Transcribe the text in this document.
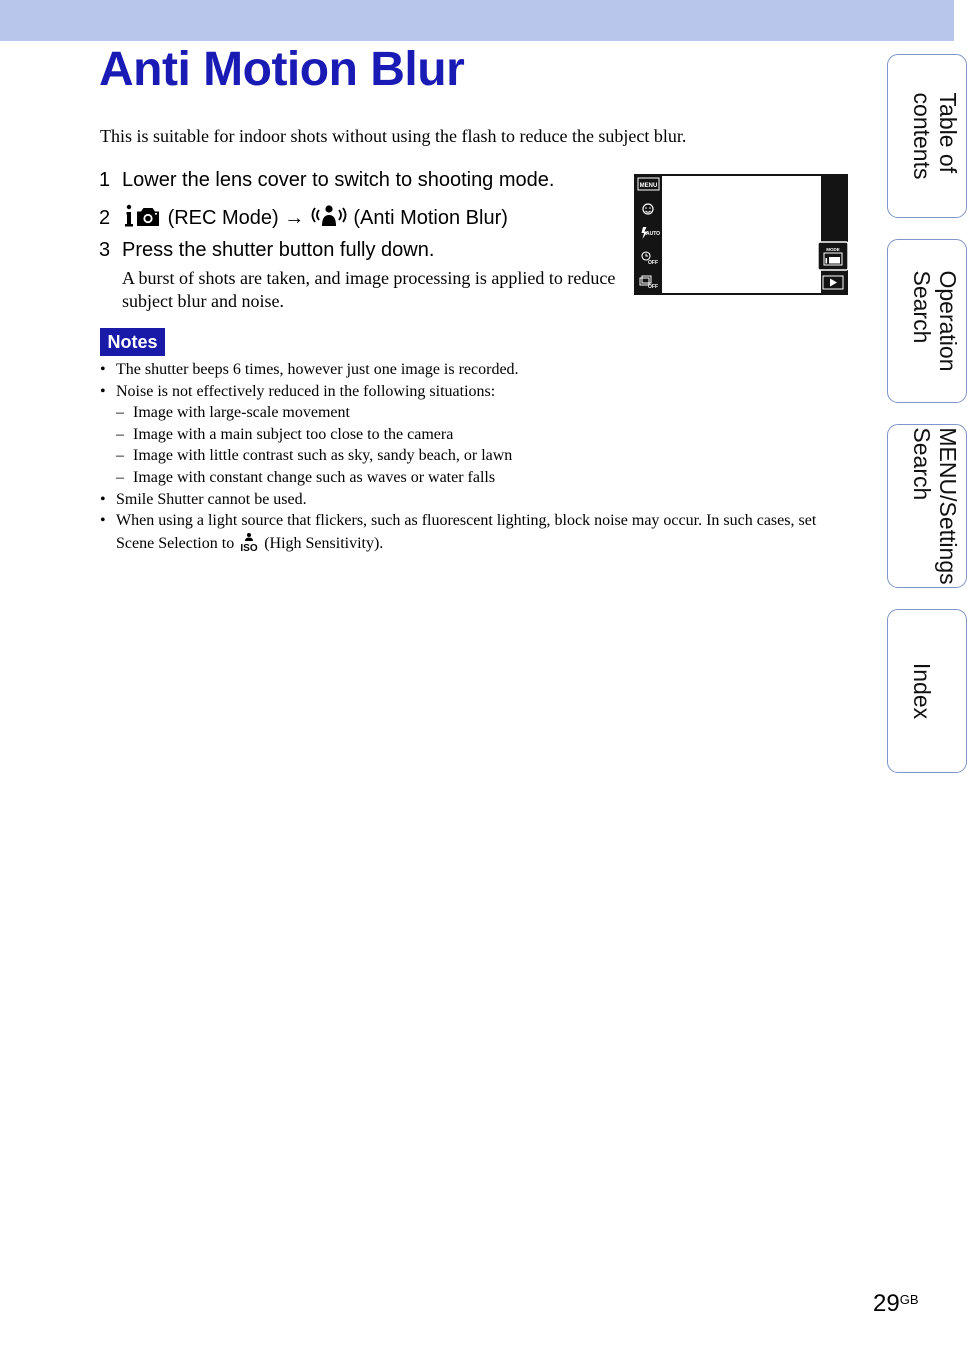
Anti Motion Blur
This is suitable for indoor shots without using the flash to reduce the subject blur.
1 Lower the lens cover to switch to shooting mode.
2	(REC Mode) → (Anti Motion Blur)
3 Press the shutter button fully down.
A burst of shots are taken, and image processing is applied to reduce subject blur and noise.
MENU
AUTO
OFF
OFF
MODE
Notes
• The shutter beeps 6 times, however just one image is recorded.
• Noise is not effectively reduced in the following situations:
– Image with large-scale movement
– Image with a main subject too close to the camera
– Image with little contrast such as sky, sandy beach, or lawn
– Image with constant change such as waves or water falls
• Smile Shutter cannot be used.
• When using a light source that flickers, such as fluorescent lighting, block noise may occur. In such cases, set Scene Selection to ISO (High Sensitivity).
Table of
contents
Operation
Search
MENU/Settings
Search
Index
$29^{GB}$
